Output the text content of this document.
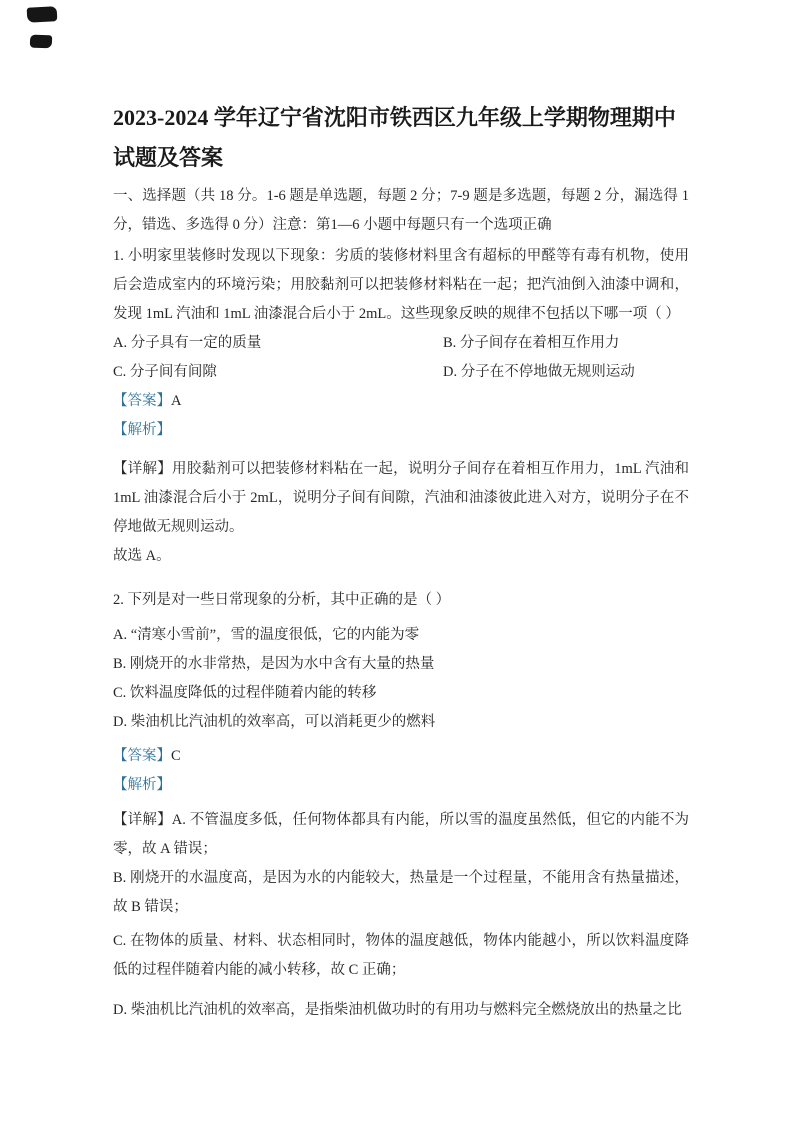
2023-2024 学年辽宁省沈阳市铁西区九年级上学期物理期中
试题及答案

一、选择题（共 18 分。1-6 题是单选题，每题 2 分；7-9 题是多选题，每题 2 分，漏选得 1 分，错选、多选得 0 分）注意：第1—6 小题中每题只有一个选项正确

1. 小明家里装修时发现以下现象：劣质的装修材料里含有超标的甲醛等有毒有机物，使用后会造成室内的环境污染；用胶黏剂可以把装修材料粘在一起；把汽油倒入油漆中调和，发现 1mL 汽油和 1mL 油漆混合后小于 2mL。这些现象反映的规律不包括以下哪一项（ ）

A. 分子具有一定的质量	B. 分子间存在着相互作用力
C. 分子间有间隙	D. 分子在不停地做无规则运动

【答案】A

【解析】

【详解】用胶黏剂可以把装修材料粘在一起，说明分子间存在着相互作用力，1mL 汽油和 1mL 油漆混合后小于 2mL，说明分子间有间隙，汽油和油漆彼此进入对方，说明分子在不停地做无规则运动。

故选 A。

2. 下列是对一些日常现象的分析，其中正确的是（ ）

A. “清寒小雪前”，雪的温度很低，它的内能为零

B. 刚烧开的水非常热，是因为水中含有大量的热量

C. 饮料温度降低的过程伴随着内能的转移

D. 柴油机比汽油机的效率高，可以消耗更少的燃料

【答案】C

【解析】

【详解】A. 不管温度多低，任何物体都具有内能，所以雪的温度虽然低，但它的内能不为零，故 A 错误；

B. 刚烧开的水温度高，是因为水的内能较大，热量是一个过程量，不能用含有热量描述，故 B 错误；

C. 在物体的质量、材料、状态相同时，物体的温度越低，物体内能越小，所以饮料温度降低的过程伴随着内能的减小转移，故 C 正确；

D. 柴油机比汽油机的效率高，是指柴油机做功时的有用功与燃料完全燃烧放出的热量之比
